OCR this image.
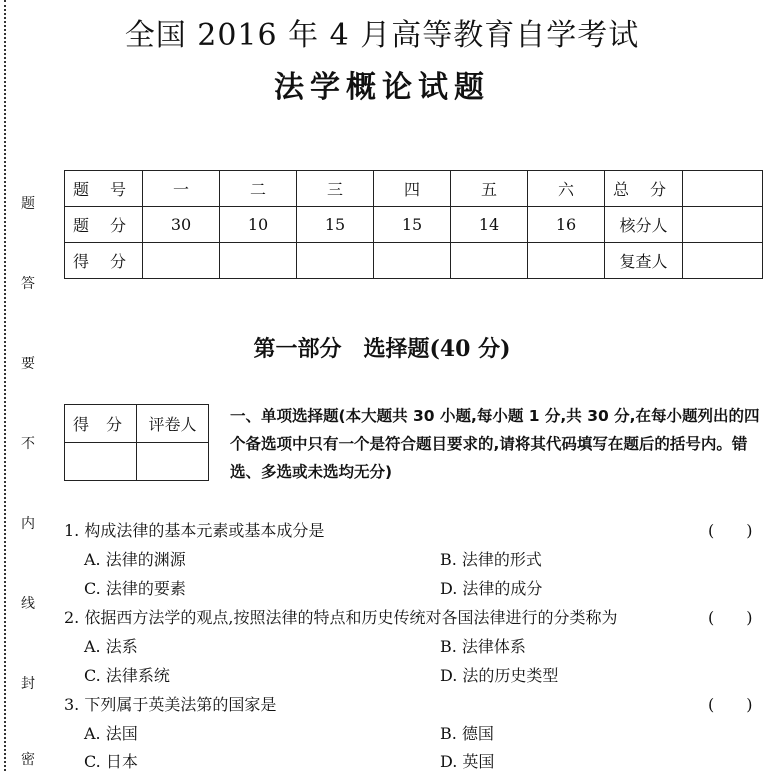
题
答
要
不
内
线
封
密
全国 2016 年 4 月高等教育自学考试
法学概论试题
题 号	一	二	三	四	五	六	总 分	
题 分	30	10	15	15	14	16	核分人	
得 分							复查人	
第一部分　选择题(40 分)
得 分	评卷人
	一、单项选择题(本大题共 30 小题,每小题 1 分,共 30 分,在每小题列出的四个备选项中只有一个是符合题目要求的,请将其代码填写在题后的括号内。错选、多选或未选均无分)
1. 构成法律的基本元素或基本成分是	(　　)
A. 法律的渊源	B. 法律的形式
C. 法律的要素	D. 法律的成分
2. 依据西方法学的观点,按照法律的特点和历史传统对各国法律进行的分类称为	(　　)
A. 法系	B. 法律体系
C. 法律系统	D. 法的历史类型
3. 下列属于英美法第的国家是	(　　)
A. 法国	B. 德国
C. 日本	D. 英国
